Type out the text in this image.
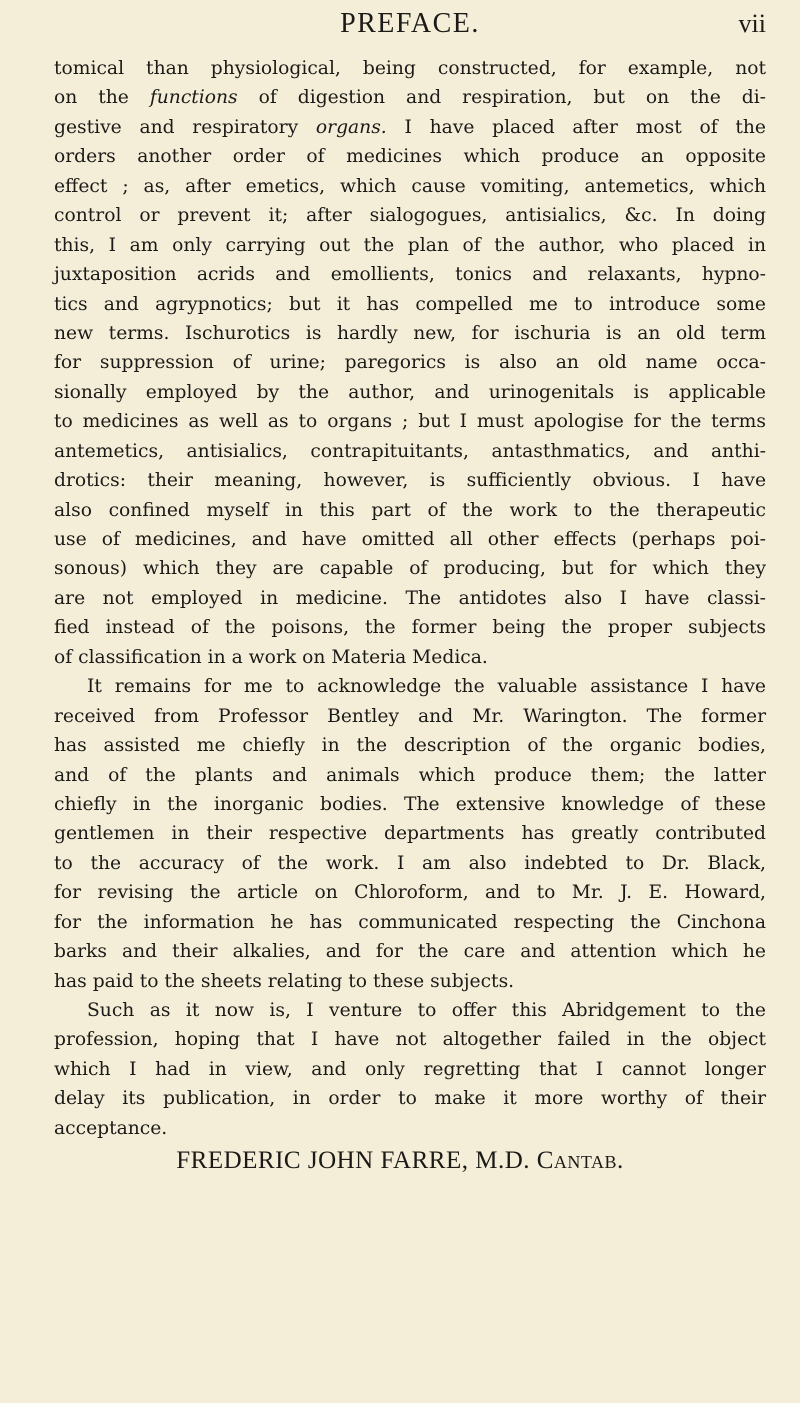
PREFACE.	vii
tomical than physiological, being constructed, for example, not
on the functions of digestion and respiration, but on the di-
gestive and respiratory organs. I have placed after most of the
orders another order of medicines which produce an opposite
effect ; as, after emetics, which cause vomiting, antemetics, which
control or prevent it; after sialogogues, antisialics, &c. In doing
this, I am only carrying out the plan of the author, who placed in
juxtaposition acrids and emollients, tonics and relaxants, hypno-
tics and agrypnotics; but it has compelled me to introduce some
new terms. Ischurotics is hardly new, for ischuria is an old term
for suppression of urine; paregorics is also an old name occa-
sionally employed by the author, and urinogenitals is applicable
to medicines as well as to organs ; but I must apologise for the terms
antemetics, antisialics, contrapituitants, antasthmatics, and anthi-
drotics: their meaning, however, is sufficiently obvious. I have
also confined myself in this part of the work to the therapeutic
use of medicines, and have omitted all other effects (perhaps poi-
sonous) which they are capable of producing, but for which they
are not employed in medicine. The antidotes also I have classi-
fied instead of the poisons, the former being the proper subjects
of classification in a work on Materia Medica.
It remains for me to acknowledge the valuable assistance I have
received from Professor Bentley and Mr. Warington. The former
has assisted me chiefly in the description of the organic bodies,
and of the plants and animals which produce them; the latter
chiefly in the inorganic bodies. The extensive knowledge of these
gentlemen in their respective departments has greatly contributed
to the accuracy of the work. I am also indebted to Dr. Black,
for revising the article on Chloroform, and to Mr. J. E. Howard,
for the information he has communicated respecting the Cinchona
barks and their alkalies, and for the care and attention which he
has paid to the sheets relating to these subjects.
Such as it now is, I venture to offer this Abridgement to the
profession, hoping that I have not altogether failed in the object
which I had in view, and only regretting that I cannot longer
delay its publication, in order to make it more worthy of their
acceptance.
FREDERIC JOHN FARRE, M.D. Cantab.
